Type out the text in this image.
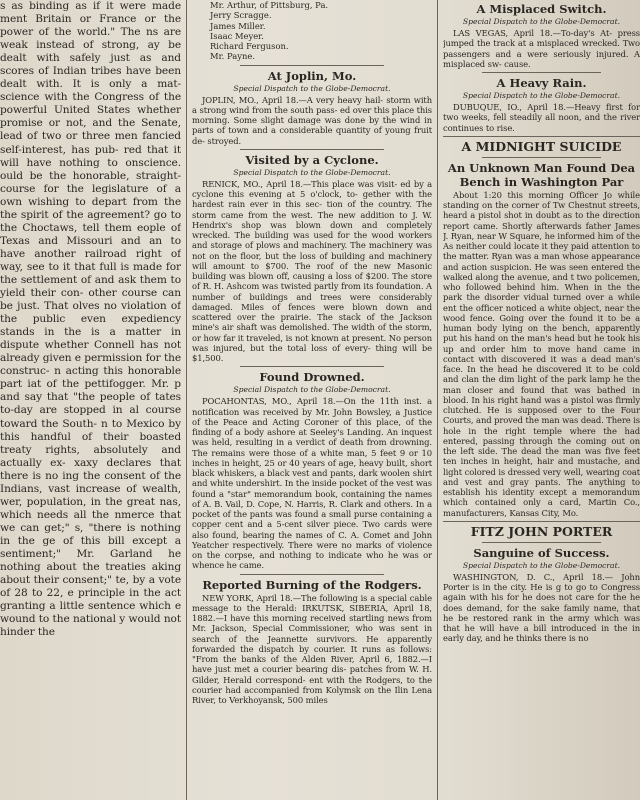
s as binding as if it were made ment Britain or France or the power of the world." The ns are weak instead of strong, ay be dealt with safely just as and scores of Indian tribes have been dealt with. It is only a mat- science with the Congress of the powerful United States whether promise or not, and the Senate, lead of two or three men fancied self-interest, has pub- red that it will have nothing to onscience. ould be the honorable, straight- course for the legislature of a own wishing to depart from the the spirit of the agreement? go to the Choctaws, tell them eople of Texas and Missouri and an to have another railroad right of way, see to it that full is made for the settlement of and ask them to yield their con- other course can be just. That olves no violation of the public even expediency stands in the is a matter in dispute whether Connell has not already given e permission for the construc- n acting this honorable part iat of the pettifogger. Mr. p and say that "the people of tates to-day are stopped in al course toward the South- n to Mexico by this handful of their boasted treaty rights, absolutely and actually ex- xaxy declares that there is no ing the consent of the Indians, vast increase of wealth, wer, population, in the great nas, which needs all the nmerce that we can get;" s, "there is nothing in the ge of this bill except a sentiment;" Mr. Garland he nothing about the treaties aking about their consent;" te, by a vote of 28 to 22, e principle in the act granting a little sentence which e wound to the national y would not hinder the

Mr. Arthur, of Pittsburg, Pa.
Jerry Scragge.
James Miller.
Isaac Meyer.
Richard Ferguson.
Mr. Payne.
At Joplin, Mo.
Special Dispatch to the Globe-Democrat.

JOPLIN, MO., April 18.—A very heavy hail- storm with a strong wind from the south pass- ed over this place this morning. Some slight damage was done by the wind in parts of town and a considerable quantity of young fruit de- stroyed.

Visited by a Cyclone.
Special Dispatch to the Globe-Democrat.

RENICK, MO., April 18.—This place was visit- ed by a cyclone this evening at 5 o'clock, to- gether with the hardest rain ever in this sec- tion of the country. The storm came from the west. The new addition to J. W. Hendrix's shop was blown down and completely wrecked. The building was used for the wood workers and storage of plows and machinery. The machinery was not on the floor, but the loss of building and machinery will amount to $700. The roof of the new Masonic building was blown off, causing a loss of $200. The store of R. H. Ashcom was twisted partly from its foundation. A number of buildings and trees were considerably damaged. Miles of fences were blown down and scattered over the prairie. The stack of the Jackson mine's air shaft was demolished. The width of the storm, or how far it traveled, is not known at present. No person was injured, but the total loss of every- thing will be $1,500.

Found Drowned.
Special Dispatch to the Globe-Democrat.

POCAHONTAS, MO., April 18.—On the 11th inst. a notification was received by Mr. John Bowsley, a Justice of the Peace and Acting Coroner of this place, of the finding of a body ashore at Seeley's Landing. An inquest was held, resulting in a verdict of death from drowning. The remains were those of a white man, 5 feet 9 or 10 inches in height, 25 or 40 years of age, heavy built, short black whiskers, a black vest and pants, dark woolen shirt and white undershirt. In the inside pocket of the vest was found a "star" memorandum book, containing the names of A. B. Vail, D. Cope, N. Harris, R. Clark and others. In a pocket of the pants was found a small purse containing a copper cent and a 5-cent silver piece. Two cards were also found, bearing the names of C. A. Comet and John Yeatcher respectively. There were no marks of violence on the corpse, and nothing to indicate who he was or whence he came.

Reported Burning of the Rodgers.

NEW YORK, April 18.—The following is a special cable message to the Herald: IRKUTSK, SIBERIA, April 18, 1882.—I have this morning received startling news from Mr. Jackson, Special Commissioner, who was sent in search of the Jeannette survivors. He apparently forwarded the dispatch by courier. It runs as follows: "From the banks of the Alden River, April 6, 1882.—I have just met a courier bearing dis- patches from W. H. Gilder, Herald correspond- ent with the Rodgers, to the courier had accompanied from Kolymsk on the Ilin Lena River, to Verkhoyansk, 500 miles

A Misplaced Switch.
Special Dispatch to the Globe-Democrat.

LAS VEGAS, April 18.—To-day's At- press jumped the track at a misplaced wrecked. Two passengers and a were seriously injured. A misplaced sw- cause.

A Heavy Rain.
Special Dispatch to the Globe-Democrat.

DUBUQUE, IO., April 18.—Heavy first for two weeks, fell steadily all noon, and the river continues to rise.

A MIDNIGHT SUICIDE
An Unknown Man Found Dea Bench in Washington Par

About 1:20 this morning Officer Jo while standing on the corner of Tw Chestnut streets, heard a pistol shot in doubt as to the direction report came. Shortly afterwards father James J. Ryan, near W Square, he informed him of the As neither could locate it they paid attention to the matter. Ryan was a man whose appearance and action suspicion. He was seen entered the walked along the avenue, and t two policemen, who followed behind him. When in the the park the disorder vidual turned over a while ent the officer noticed a white object, near the wood fence. Going over the found it to be a human body lying on the bench, apparently put his hand on the man's head but he took his up and order him to move hand came in contact with discovered it was a dead man's face. In the head he discovered it to be cold and clan the dim light of the park lamp he the man closer and found that was bathed in blood. In his right hand was a pistol was firmly clutched. He is supposed over to the Four Courts, and proved the man was dead. There is hole in the right temple where the had entered, passing through the coming out on the left side. The dead the man was five feet ten inches in height, hair and mustache, and light colored is dressed very well, wearing coat and vest and gray pants. The anything to establish his identity except a memorandum which contained only a card, Martin Co., manufacturers, Kansas City, Mo.

FITZ JOHN PORTER
Sanguine of Success.
Special Dispatch to the Globe-Democrat.

WASHINGTON, D. C., April 18.— John Porter is in the city. He is g to go to Congress again with his for he does not care for the he does demand, for the sake family name, that he be restored rank in the army which was that he will have a bill introduced in the in early day, and he thinks there is no
